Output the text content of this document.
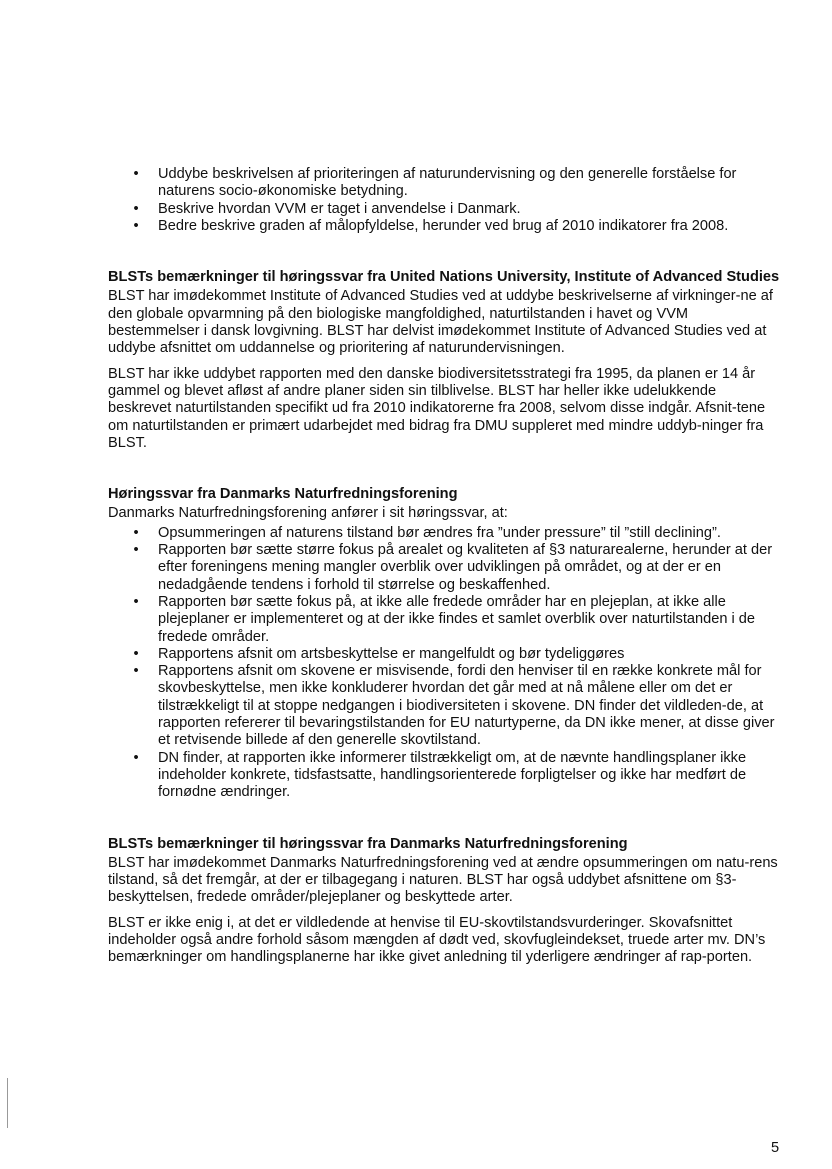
• Uddybe beskrivelsen af prioriteringen af naturundervisning og den generelle forståelse for naturens socio-økonomiske betydning.
• Beskrive hvordan VVM er taget i anvendelse i Danmark.
• Bedre beskrive graden af målopfyldelse, herunder ved brug af 2010 indikatorer fra 2008.
BLSTs bemærkninger til høringssvar fra United Nations University, Institute of Advanced Studies

BLST har imødekommet Institute of Advanced Studies ved at uddybe beskrivelserne af virkninger-ne af den globale opvarmning på den biologiske mangfoldighed, naturtilstanden i havet og VVM bestemmelser i dansk lovgivning. BLST har delvist imødekommet Institute of Advanced Studies ved at uddybe afsnittet om uddannelse og prioritering af naturundervisningen.

BLST har ikke uddybet rapporten med den danske biodiversitetsstrategi fra 1995, da planen er 14 år gammel og blevet afløst af andre planer siden sin tilblivelse. BLST har heller ikke udelukkende beskrevet naturtilstanden specifikt ud fra 2010 indikatorerne fra 2008, selvom disse indgår. Afsnit-tene om naturtilstanden er primært udarbejdet med bidrag fra DMU suppleret med mindre uddyb-ninger fra BLST.

Høringssvar fra Danmarks Naturfredningsforening

Danmarks Naturfredningsforening anfører i sit høringssvar, at:

• Opsummeringen af naturens tilstand bør ændres fra ”under pressure” til ”still declining”.
• Rapporten bør sætte større fokus på arealet og kvaliteten af §3 naturarealerne, herunder at der efter foreningens mening mangler overblik over udviklingen på området, og at der er en nedadgående tendens i forhold til størrelse og beskaffenhed.
• Rapporten bør sætte fokus på, at ikke alle fredede områder har en plejeplan, at ikke alle plejeplaner er implementeret og at der ikke findes et samlet overblik over naturtilstanden i de fredede områder.
• Rapportens afsnit om artsbeskyttelse er mangelfuldt og bør tydeliggøres
• Rapportens afsnit om skovene er misvisende, fordi den henviser til en række konkrete mål for skovbeskyttelse, men ikke konkluderer hvordan det går med at nå målene eller om det er tilstrækkeligt til at stoppe nedgangen i biodiversiteten i skovene. DN finder det vildleden-de, at rapporten refererer til bevaringstilstanden for EU naturtyperne, da DN ikke mener, at disse giver et retvisende billede af den generelle skovtilstand.
• DN finder, at rapporten ikke informerer tilstrækkeligt om, at de nævnte handlingsplaner ikke indeholder konkrete, tidsfastsatte, handlingsorienterede forpligtelser og ikke har medført de fornødne ændringer.
BLSTs bemærkninger til høringssvar fra Danmarks Naturfredningsforening

BLST har imødekommet Danmarks Naturfredningsforening ved at ændre opsummeringen om natu-rens tilstand, så det fremgår, at der er tilbagegang i naturen. BLST har også uddybet afsnittene om §3-beskyttelsen, fredede områder/plejeplaner og beskyttede arter.

BLST er ikke enig i, at det er vildledende at henvise til EU-skovtilstandsvurderinger. Skovafsnittet indeholder også andre forhold såsom mængden af dødt ved, skovfugleindekset, truede arter mv. DN’s bemærkninger om handlingsplanerne har ikke givet anledning til yderligere ændringer af rap-porten.

5
